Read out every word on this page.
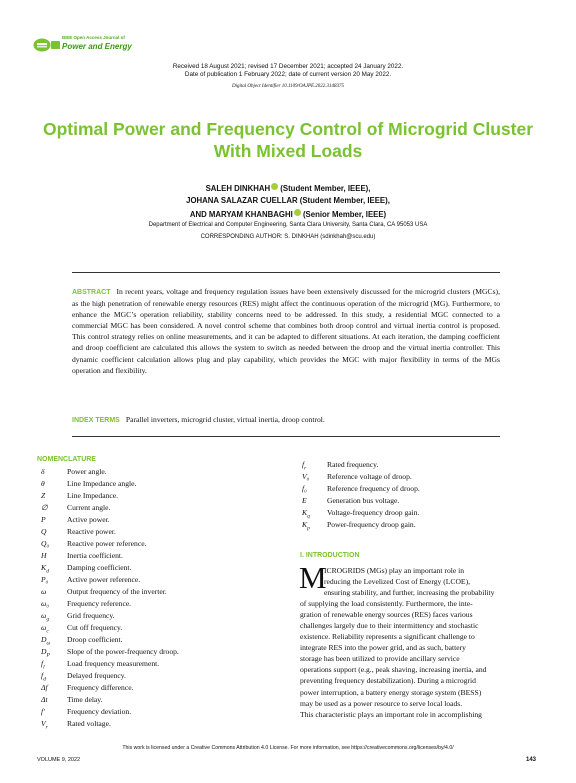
IEEE Open Access Journal of
Power and Energy
Received 18 August 2021; revised 17 December 2021; accepted 24 January 2022.
Date of publication 1 February 2022; date of current version 20 May 2022.
Digital Object Identifier 10.1109/OAJPE.2022.3148375
Optimal Power and Frequency Control of Microgrid Cluster With Mixed Loads
SALEH DINKHAH (Student Member, IEEE),
JOHANA SALAZAR CUELLAR (Student Member, IEEE),
AND MARYAM KHANBAGHI (Senior Member, IEEE)
Department of Electrical and Computer Engineering, Santa Clara University, Santa Clara, CA 95053 USA
CORRESPONDING AUTHOR: S. DINKHAH (sdinkhah@scu.edu)
ABSTRACT In recent years, voltage and frequency regulation issues have been extensively discussed for the microgrid clusters (MGCs), as the high penetration of renewable energy resources (RES) might affect the continuous operation of the microgrid (MG). Furthermore, to enhance the MGC’s operation reliability, stability concerns need to be addressed. In this study, a residential MGC connected to a commercial MGC has been considered. A novel control scheme that combines both droop control and virtual inertia control is proposed. This control strategy relies on online measurements, and it can be adapted to different situations. At each iteration, the damping coefficient and droop coefficient are calculated this allows the system to switch as needed between the droop and the virtual inertia controller. This dynamic coefficient calculation allows plug and play capability, which provides the MGC with major flexibility in terms of the MGs operation and flexibility.
INDEX TERMS Parallel inverters, microgrid cluster, virtual inertia, droop control.
NOMENCLATURE
δ	Power angle.
θ	Line Impedance angle.
Z	Line Impedance.
∅	Current angle.
P	Active power.
Q	Reactive power.
Q₀ Reactive power reference.
H	Inertia coefficient.
$K_d$ Damping coefficient.
P₀ Active power reference.
ω	Output frequency of the inverter.
ω₀ Frequency reference.
$\omega_g$ Grid frequency.
$\omega_c$ Cut off frequency.
$D_\omega$ Droop coefficient.
$D_P$ Slope of the power-frequency droop.
$f_l$	Load frequency measurement.
$f_d$	Delayed frequency.
Δf	Frequency difference.
Δt	Time delay.
f′	Frequency deviation.
$V_r$	Rated voltage.
$f_r$	Rated frequency.
V₀ Reference voltage of droop.
f₀	Reference frequency of droop.
E	Generation bus voltage.
$K_q$ Voltage-frequency droop gain.
$K_p$ Power-frequency droop gain.
I. INTRODUCTION
M
ICROGRIDS (MGs) play an important role in
reducing the Levelized Cost of Energy (LCOE),
ensuring stability, and further, increasing the probability
of supplying the load consistently. Furthermore, the inte-
gration of renewable energy sources (RES) faces various
challenges largely due to their intermittency and stochastic
existence. Reliability represents a significant challenge to
integrate RES into the power grid, and as such, battery
storage has been utilized to provide ancillary service
operations support (e.g., peak shaving, increasing inertia, and
preventing frequency destabilization). During a microgrid
power interruption, a battery energy storage system (BESS)
may be used as a power resource to serve local loads.
This characteristic plays an important role in accomplishing
This work is licensed under a Creative Commons Attribution 4.0 License. For more information, see https://creativecommons.org/licenses/by/4.0/
VOLUME 9, 2022	143
